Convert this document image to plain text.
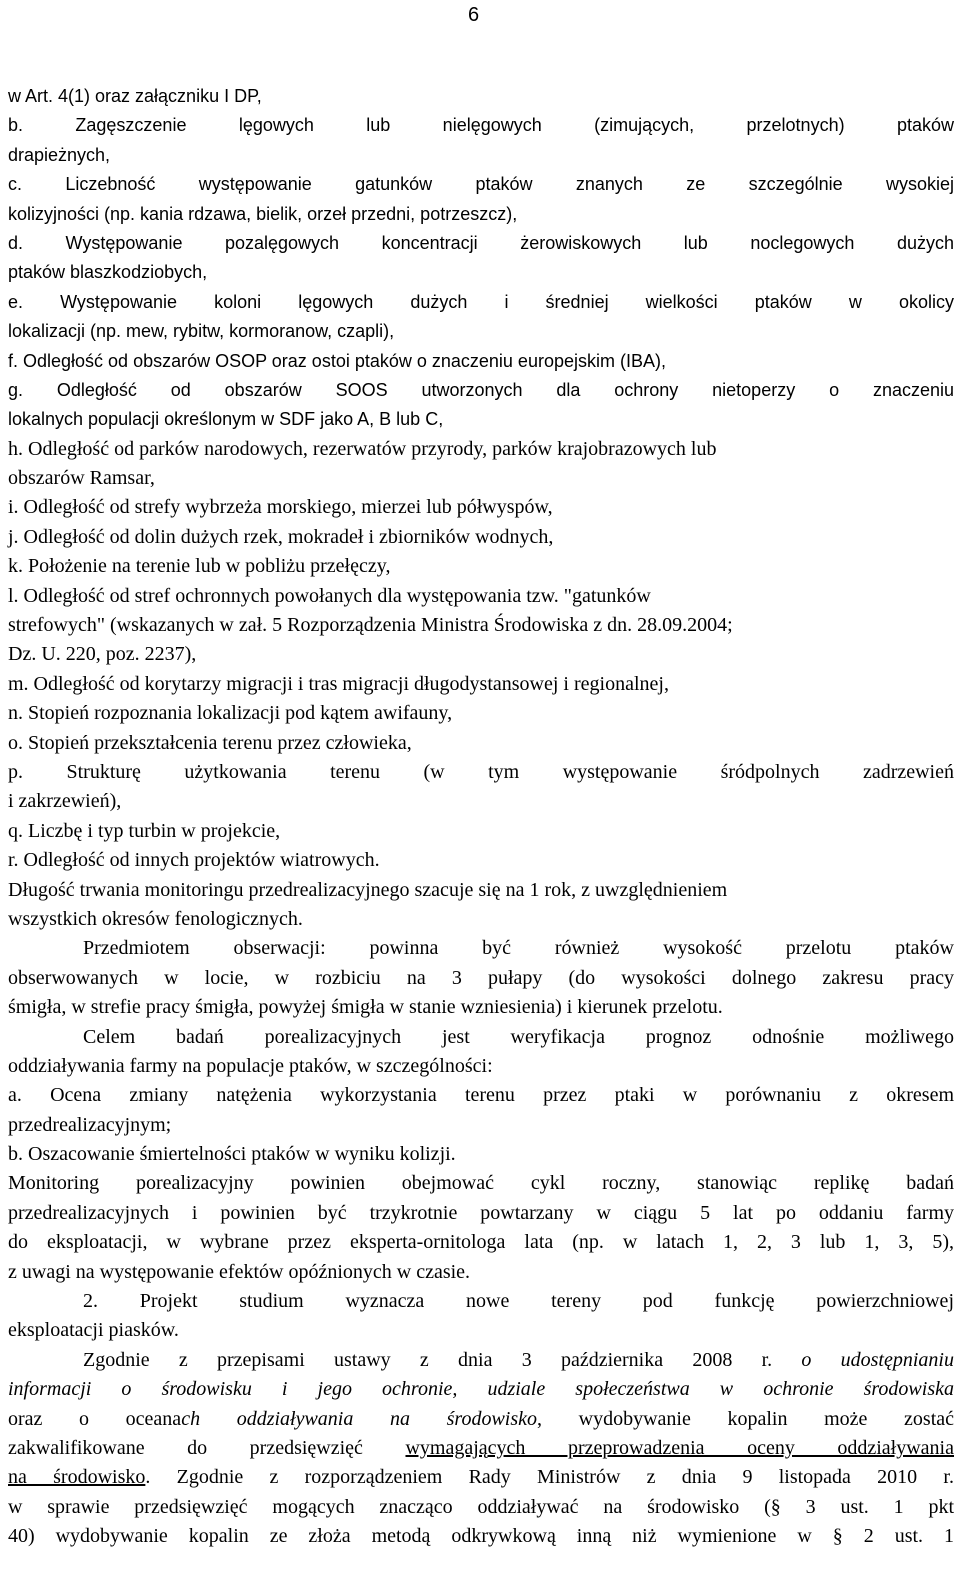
6
w Art. 4(1) oraz załączniku I DP,
b. Zagęszczenie lęgowych lub nielęgowych (zimujących, przelotnych) ptaków
drapieżnych,
c. Liczebność występowanie gatunków ptaków znanych ze szczególnie wysokiej
kolizyjności (np. kania rdzawa, bielik, orzeł przedni, potrzeszcz),
d. Występowanie pozalęgowych koncentracji żerowiskowych lub noclegowych dużych
ptaków blaszkodziobych,
e. Występowanie koloni lęgowych dużych i średniej wielkości ptaków w okolicy
lokalizacji (np. mew, rybitw, kormoranow, czapli),
f. Odległość od obszarów OSOP oraz ostoi ptaków o znaczeniu europejskim (IBA),
g. Odległość od obszarów SOOS utworzonych dla ochrony nietoperzy o znaczeniu
lokalnych populacji określonym w SDF jako A, B lub C,
h. Odległość od parków narodowych, rezerwatów przyrody, parków krajobrazowych lub
obszarów Ramsar,
i. Odległość od strefy wybrzeża morskiego, mierzei lub półwyspów,
j. Odległość od dolin dużych rzek, mokradeł i zbiorników wodnych,
k. Położenie na terenie lub w pobliżu przełęczy,
l. Odległość od stref ochronnych powołanych dla występowania tzw. "gatunków
strefowych" (wskazanych w zał. 5 Rozporządzenia Ministra Środowiska z dn. 28.09.2004;
Dz. U. 220, poz. 2237),
m. Odległość od korytarzy migracji i tras migracji długodystansowej i regionalnej,
n. Stopień rozpoznania lokalizacji pod kątem awifauny,
o. Stopień przekształcenia terenu przez człowieka,
p. Strukturę użytkowania terenu (w tym występowanie śródpolnych zadrzewień
i zakrzewień),
q. Liczbę i typ turbin w projekcie,
r. Odległość od innych projektów wiatrowych.
Długość trwania monitoringu przedrealizacyjnego szacuje się na 1 rok, z uwzględnieniem
wszystkich okresów fenologicznych.
Przedmiotem obserwacji: powinna być również wysokość przelotu ptaków
obserwowanych w locie, w rozbiciu na 3 pułapy (do wysokości dolnego zakresu pracy
śmigła, w strefie pracy śmigła, powyżej śmigła w stanie wzniesienia) i kierunek przelotu.
Celem badań porealizacyjnych jest weryfikacja prognoz odnośnie możliwego
oddziaływania farmy na populacje ptaków, w szczególności:
a. Ocena zmiany natężenia wykorzystania terenu przez ptaki w porównaniu z okresem
przedrealizacyjnym;
b. Oszacowanie śmiertelności ptaków w wyniku kolizji.
Monitoring porealizacyjny powinien obejmować cykl roczny, stanowiąc replikę badań
przedrealizacyjnych i powinien być trzykrotnie powtarzany w ciągu 5 lat po oddaniu farmy
do eksploatacji, w wybrane przez eksperta-ornitologa lata (np. w latach 1, 2, 3 lub 1, 3, 5),
z uwagi na występowanie efektów opóźnionych w czasie.
2. Projekt studium wyznacza nowe tereny pod funkcję powierzchniowej
eksploatacji piasków.
Zgodnie z przepisami ustawy z dnia 3 października 2008 r. o udostępnianiu
informacji o środowisku i jego ochronie, udziale społeczeństwa w ochronie środowiska
oraz o oceanach oddziaływania na środowisko, wydobywanie kopalin może zostać
zakwalifikowane do przedsięwzięć wymagających przeprowadzenia oceny oddziaływania
na środowisko. Zgodnie z rozporządzeniem Rady Ministrów z dnia 9 listopada 2010 r.
w sprawie przedsięwzięć mogących znacząco oddziaływać na środowisko (§ 3 ust. 1 pkt
40) wydobywanie kopalin ze złoża metodą odkrywkową inną niż wymienione w § 2 ust. 1
